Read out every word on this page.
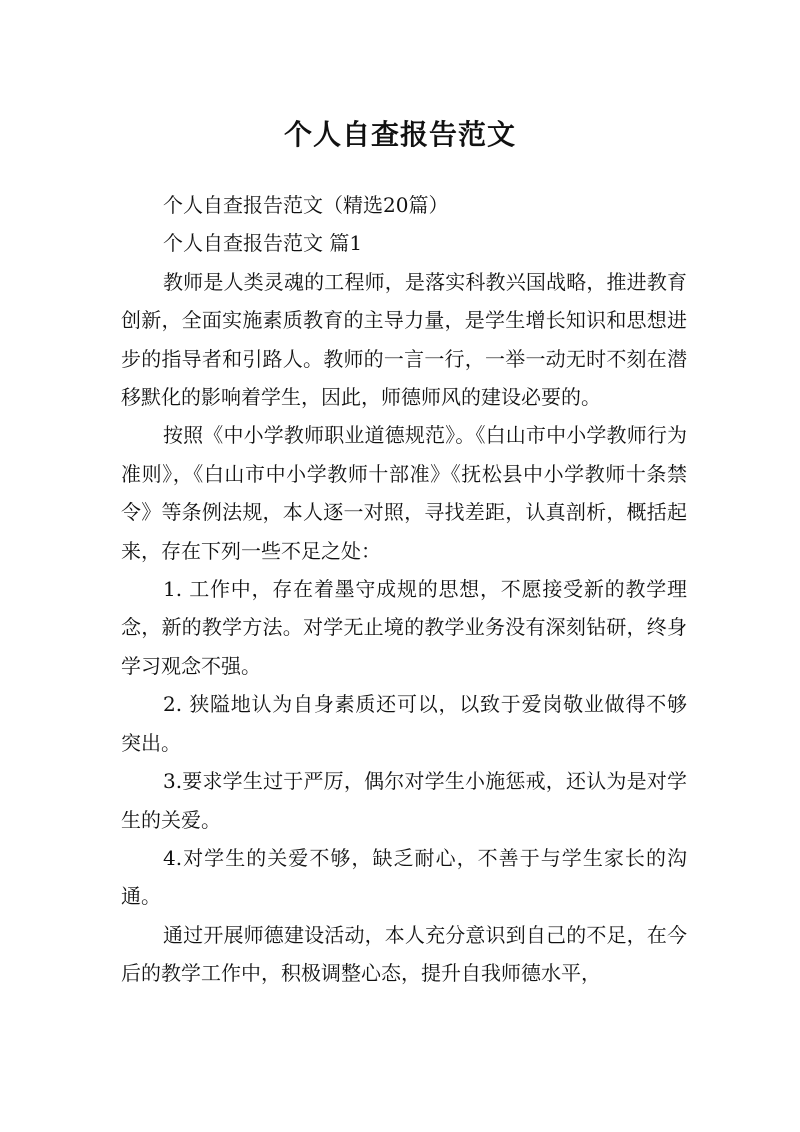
个人自查报告范文

个人自查报告范文（精选20篇）

个人自查报告范文 篇1

教师是人类灵魂的工程师，是落实科教兴国战略，推进教育创新，全面实施素质教育的主导力量，是学生增长知识和思想进步的指导者和引路人。教师的一言一行，一举一动无时不刻在潜移默化的影响着学生，因此，师德师风的建设必要的。

按照《中小学教师职业道德规范》。《白山市中小学教师行为准则》，《白山市中小学教师十部准》《抚松县中小学教师十条禁令》等条例法规，本人逐一对照，寻找差距，认真剖析，概括起来，存在下列一些不足之处：

1. 工作中，存在着墨守成规的思想，不愿接受新的教学理念，新的教学方法。对学无止境的教学业务没有深刻钻研，终身学习观念不强。

2. 狭隘地认为自身素质还可以，以致于爱岗敬业做得不够突出。

3.要求学生过于严厉，偶尔对学生小施惩戒，还认为是对学生的关爱。

4.对学生的关爱不够，缺乏耐心，不善于与学生家长的沟通。

通过开展师德建设活动，本人充分意识到自己的不足，在今后的教学工作中，积极调整心态，提升自我师德水平，
